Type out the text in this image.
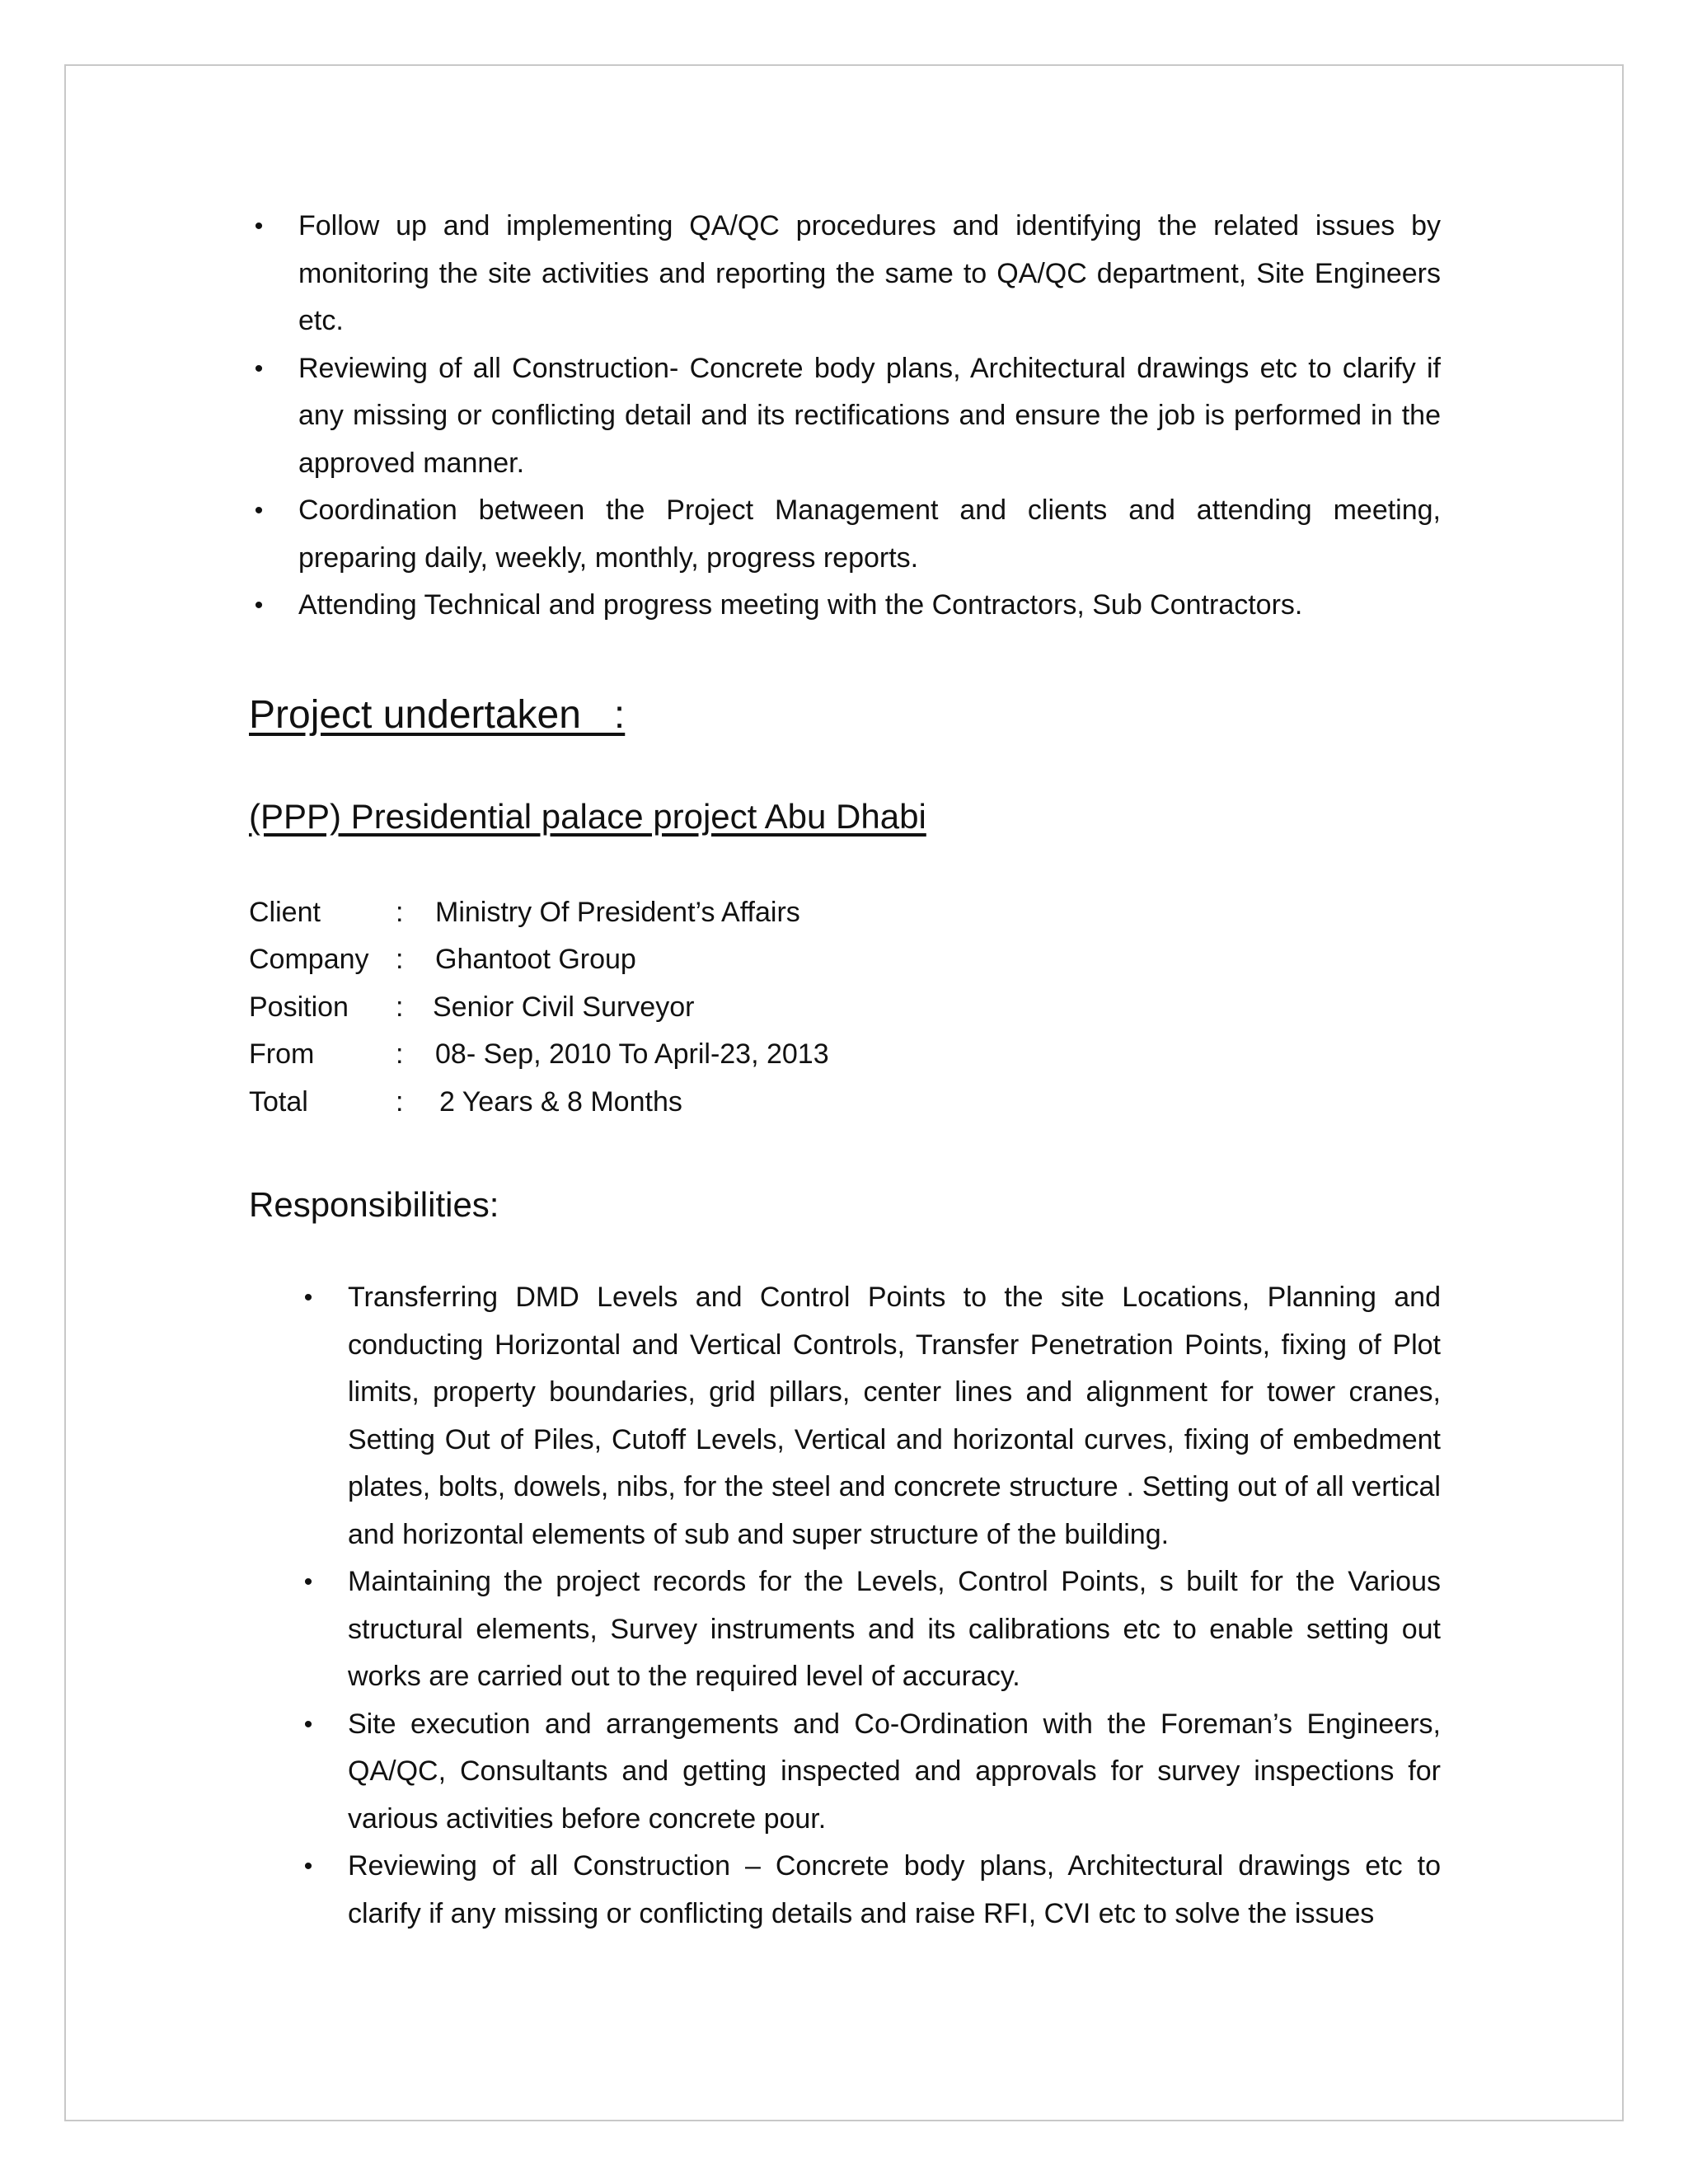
• Follow up and implementing QA/QC procedures and identifying the related issues by monitoring the site activities and reporting the same to QA/QC department, Site Engineers etc.
• Reviewing of all Construction- Concrete body plans, Architectural drawings etc to clarify if any missing or conflicting detail and its rectifications and ensure the job is performed in the approved manner.
• Coordination between the Project Management and clients and attending meeting, preparing daily, weekly, monthly, progress reports.
• Attending Technical and progress meeting with the Contractors, Sub Contractors.
Project undertaken   :
(PPP) Presidential palace project Abu Dhabi
Client	:	Ministry Of President’s Affairs
Company :	Ghantoot Group
Position	:	Senior Civil Surveyor
From	:	08- Sep, 2010 To April-23, 2013
Total	:	2 Years & 8 Months
Responsibilities:
• Transferring DMD Levels and Control Points to the site Locations, Planning and conducting Horizontal and Vertical Controls, Transfer Penetration Points, fixing of Plot limits, property boundaries, grid pillars, center lines and alignment for tower cranes, Setting Out of Piles, Cutoff Levels, Vertical and horizontal curves, fixing of embedment plates, bolts, dowels, nibs, for the steel and concrete structure . Setting out of all vertical and horizontal elements of sub and super structure of the building.
• Maintaining the project records for the Levels, Control Points, s built for the Various structural elements, Survey instruments and its calibrations etc to enable setting out works are carried out to the required level of accuracy.
• Site execution and arrangements and Co-Ordination with the Foreman’s Engineers, QA/QC, Consultants and getting inspected and approvals for survey inspections for various activities before concrete pour.
• Reviewing of all Construction – Concrete body plans, Architectural drawings etc to clarify if any missing or conflicting details and raise RFI, CVI etc to solve the issues
